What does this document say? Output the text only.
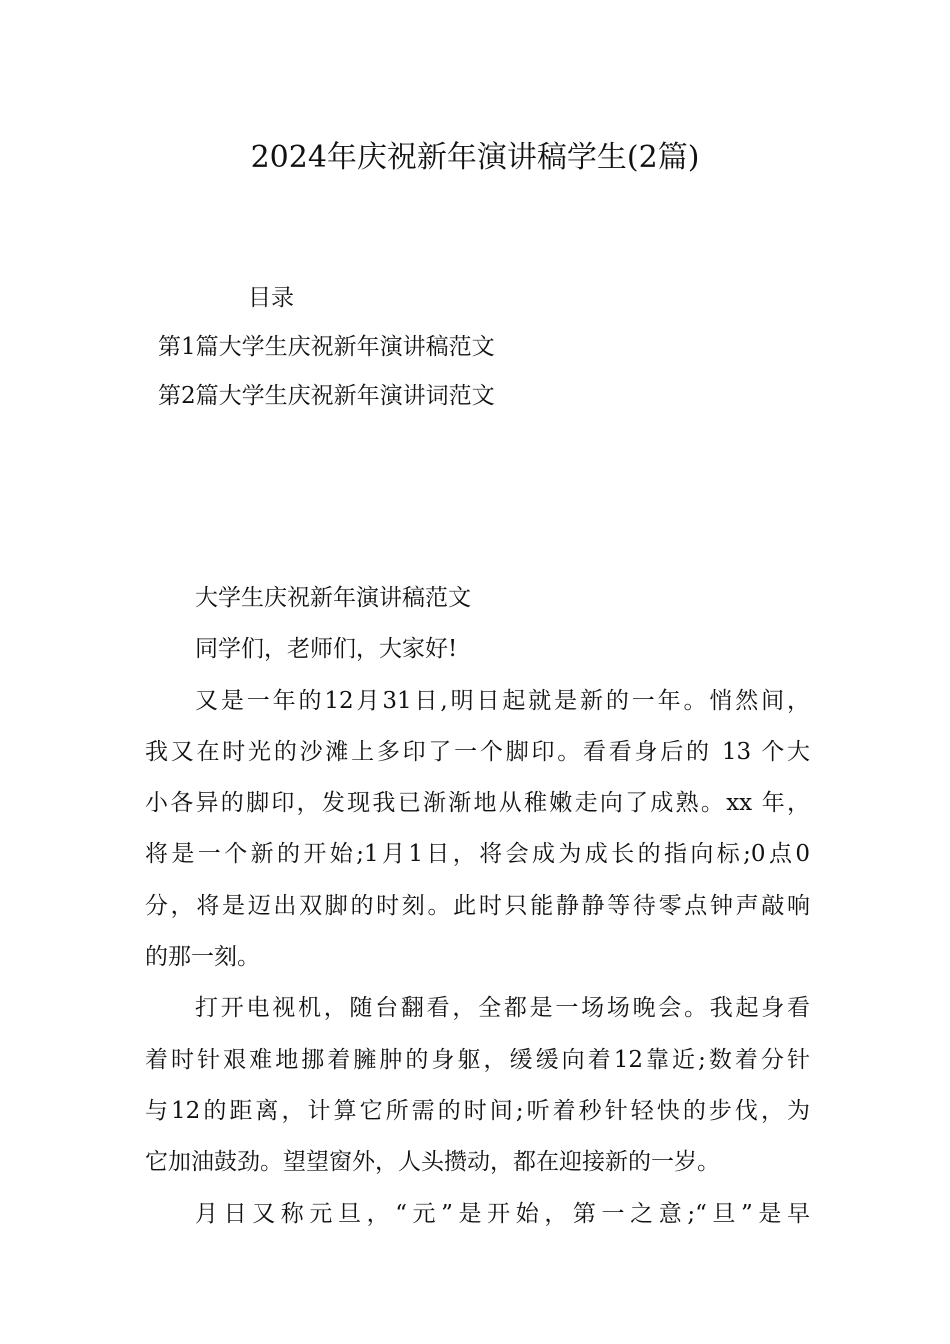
2024年庆祝新年演讲稿学生(2篇)
目录
第1篇大学生庆祝新年演讲稿范文
第2篇大学生庆祝新年演讲词范文
大学生庆祝新年演讲稿范文
同学们，老师们，大家好!
又是一年的12月31日,明日起就是新的一年。悄然间，
我又在时光的沙滩上多印了一个脚印。看看身后的 13 个大
小各异的脚印，发现我已渐渐地从稚嫩走向了成熟。xx 年，
将是一个新的开始;1月1日，将会成为成长的指向标;0点0
分，将是迈出双脚的时刻。此时只能静静等待零点钟声敲响
的那一刻。
打开电视机，随台翻看，全都是一场场晚会。我起身看
着时针艰难地挪着臃肿的身躯，缓缓向着12靠近;数着分针
与12的距离，计算它所需的时间;听着秒针轻快的步伐，为
它加油鼓劲。望望窗外，人头攒动，都在迎接新的一岁。
月日又称元旦，“元”是开始，第一之意;“旦”是早
